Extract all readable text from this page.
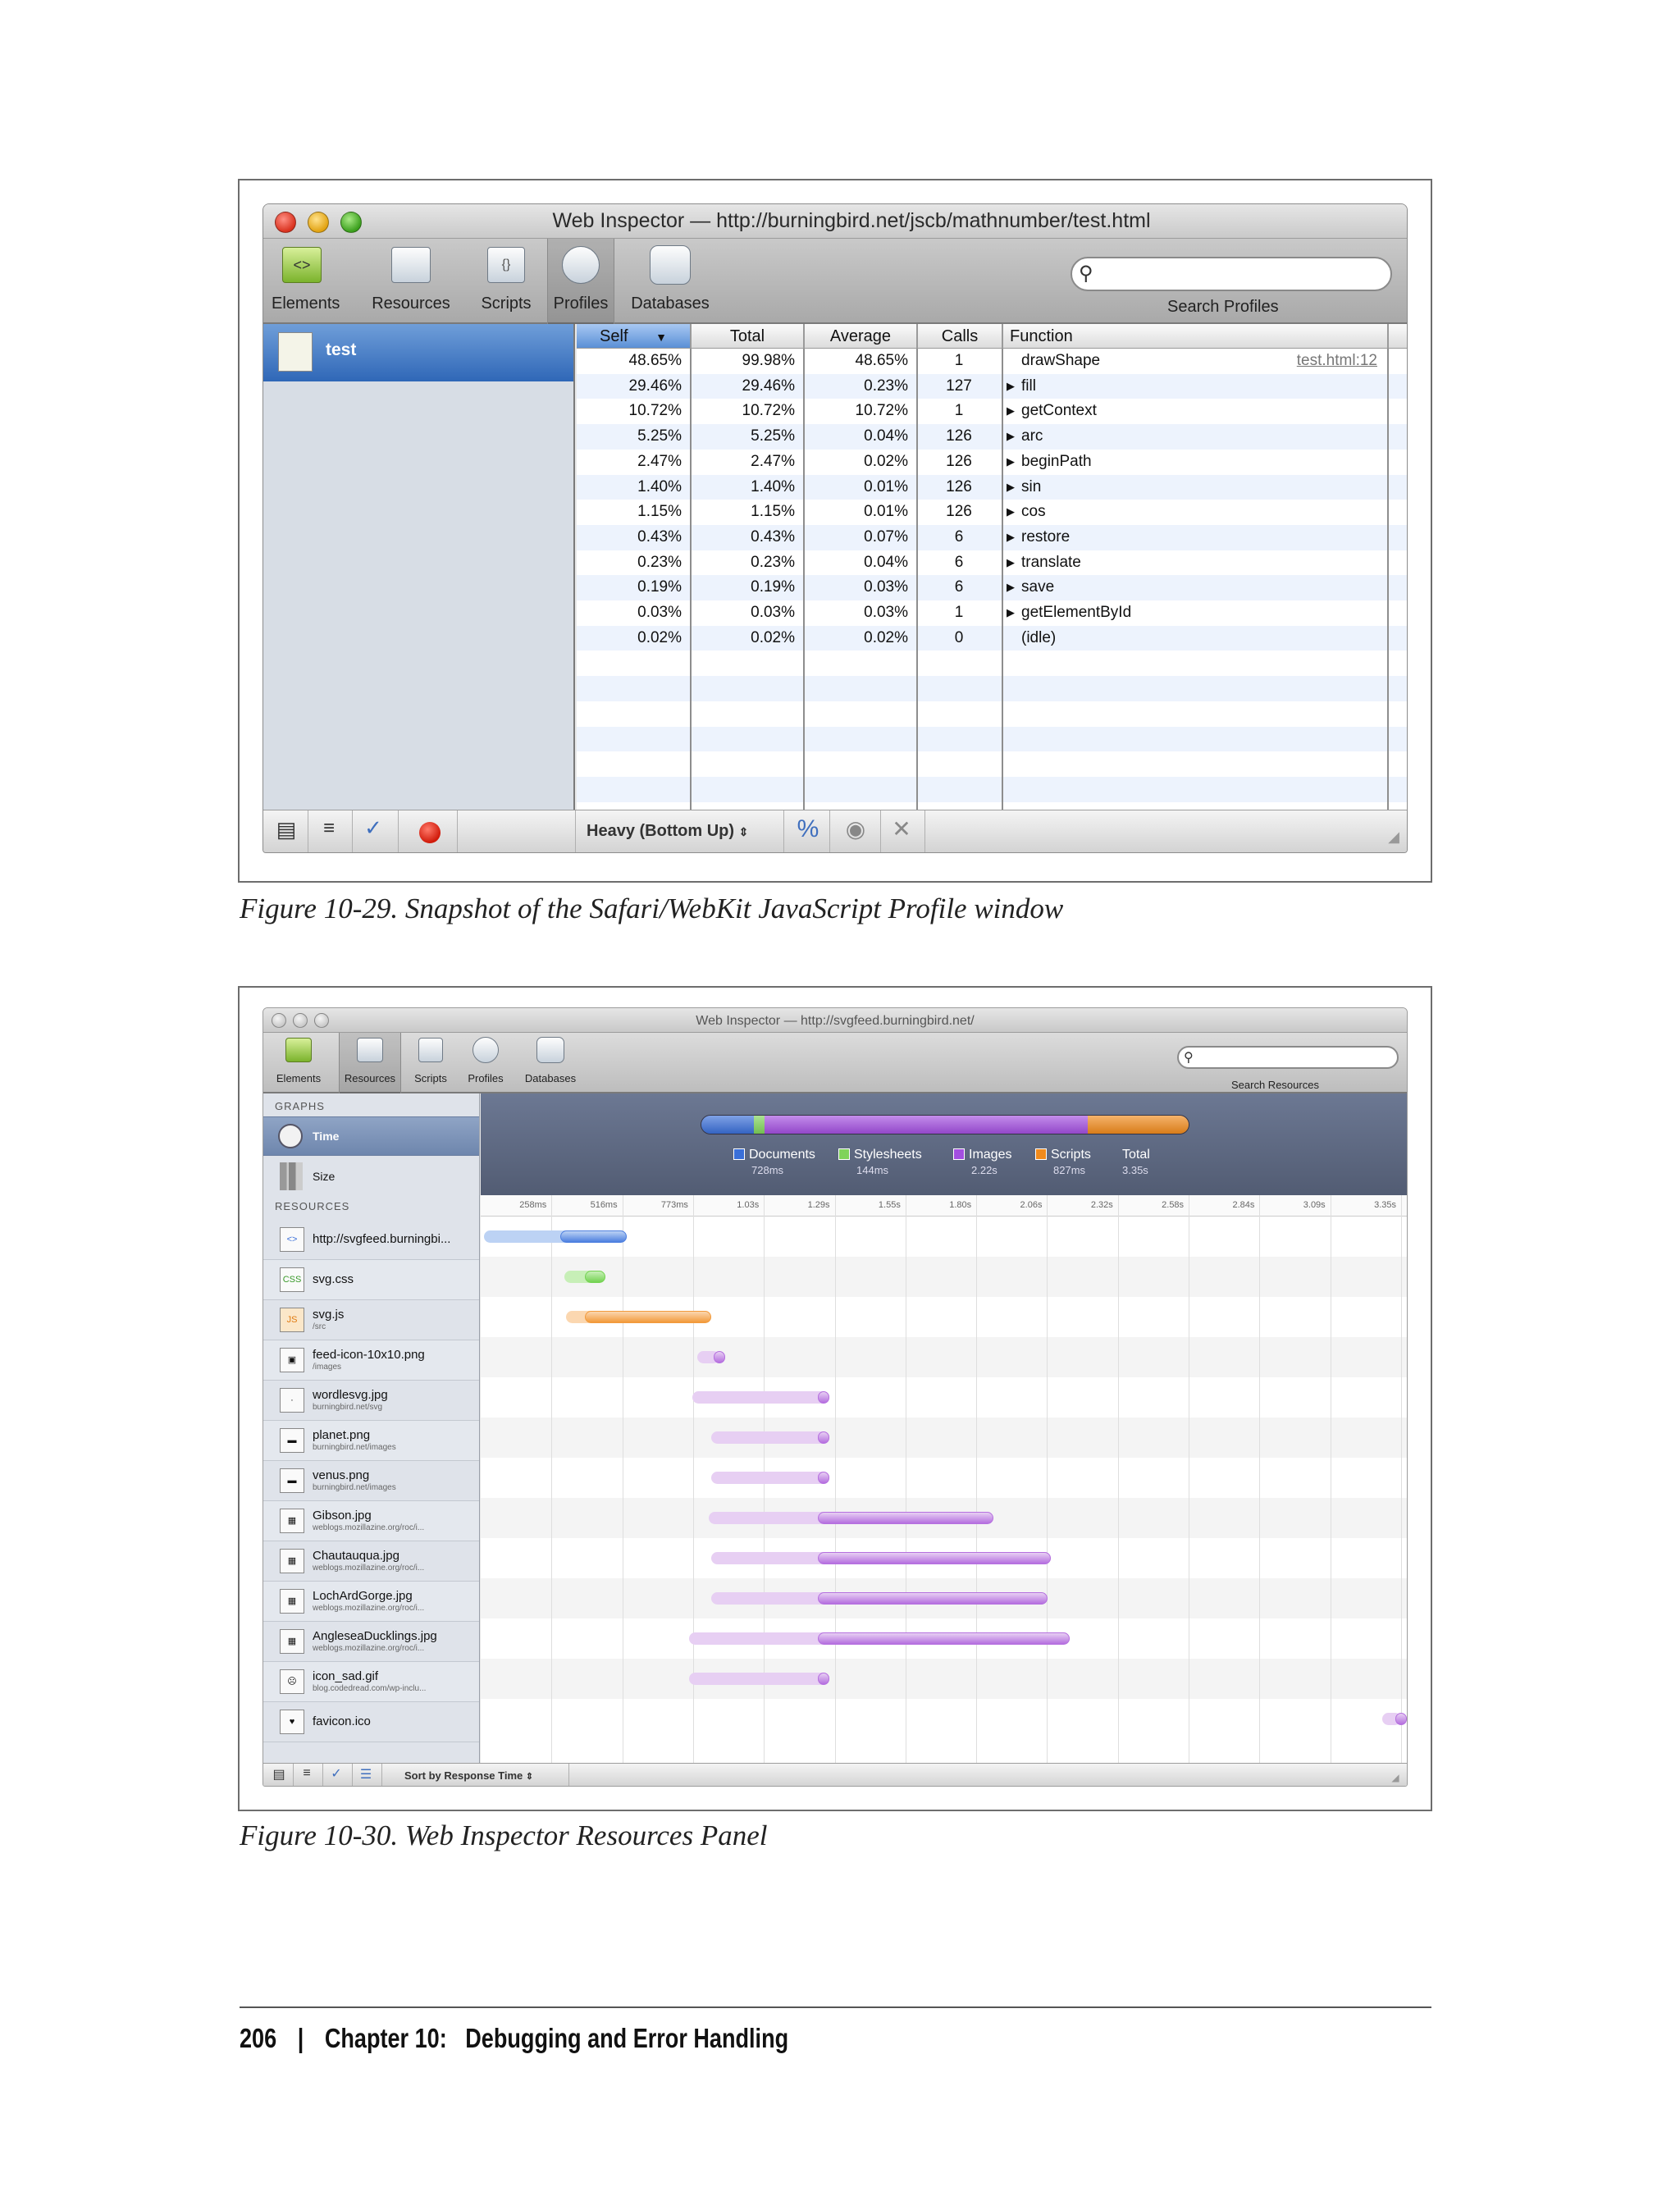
Web Inspector — http://burningbird.net/jscb/mathnumber/test.html
<>
Elements Resources
{}
Scripts	Profiles	Databases
⚲
Search Profiles
test
Self ▼	Total	Average	Calls	Function
48.65%	99.98%	48.65%	1	drawShape	test.html:12
29.46%	29.46%	0.23%	127	▶ fill
10.72%	10.72%	10.72%	1	▶ getContext
5.25%	5.25%	0.04%	126	▶ arc
2.47%	2.47%	0.02%	126	▶ beginPath
1.40%	1.40%	0.01%	126	▶ sin
1.15%	1.15%	0.01%	126	▶ cos
0.43%	0.43%	0.07%	6	▶ restore
0.23%	0.23%	0.04%	6	▶ translate
0.19%	0.19%	0.03%	6	▶ save
0.03%	0.03%	0.03%	1	▶ getElementById
0.02%	0.02%	0.02%	0	(idle)
▤	≡	✓	Heavy (Bottom Up) ⇕ % ◉ ✕	◢
Figure 10-29. Snapshot of the Safari/WebKit JavaScript Profile window
Web Inspector — http://svgfeed.burningbird.net/
Elements	Resources	Scripts	Profiles	Databases
⚲
Search Resources
GRAPHS
Time
Size
RESOURCES
<>	http://svgfeed.burningbi...
CSS svg.css
JS	svg.js
/src
▣	feed-icon-10x10.png
/images
·	wordlesvg.jpg
burningbird.net/svg
▬	planet.png
burningbird.net/images
▬	venus.png
burningbird.net/images
▦	Gibson.jpg
weblogs.mozillazine.org/roc/i...
▦	Chautauqua.jpg
weblogs.mozillazine.org/roc/i...
▦	LochArdGorge.jpg
weblogs.mozillazine.org/roc/i...
▦	AngleseaDucklings.jpg
weblogs.mozillazine.org/roc/i...
☹	icon_sad.gif
blog.codedread.com/wp-inclu...
♥	favicon.ico
Documents
728ms
Stylesheets
144ms
Images
2.22s
Scripts
827ms
Total
3.35s
258ms	516ms	773ms	1.03s	1.29s	1.55s	1.80s	2.06s	2.32s	2.58s	2.84s	3.09s	3.35s
▤	≡	✓ ☰	Sort by Response Time ⇕	◢
Figure 10-30. Web Inspector Resources Panel
206 | Chapter 10:   Debugging and Error Handling
